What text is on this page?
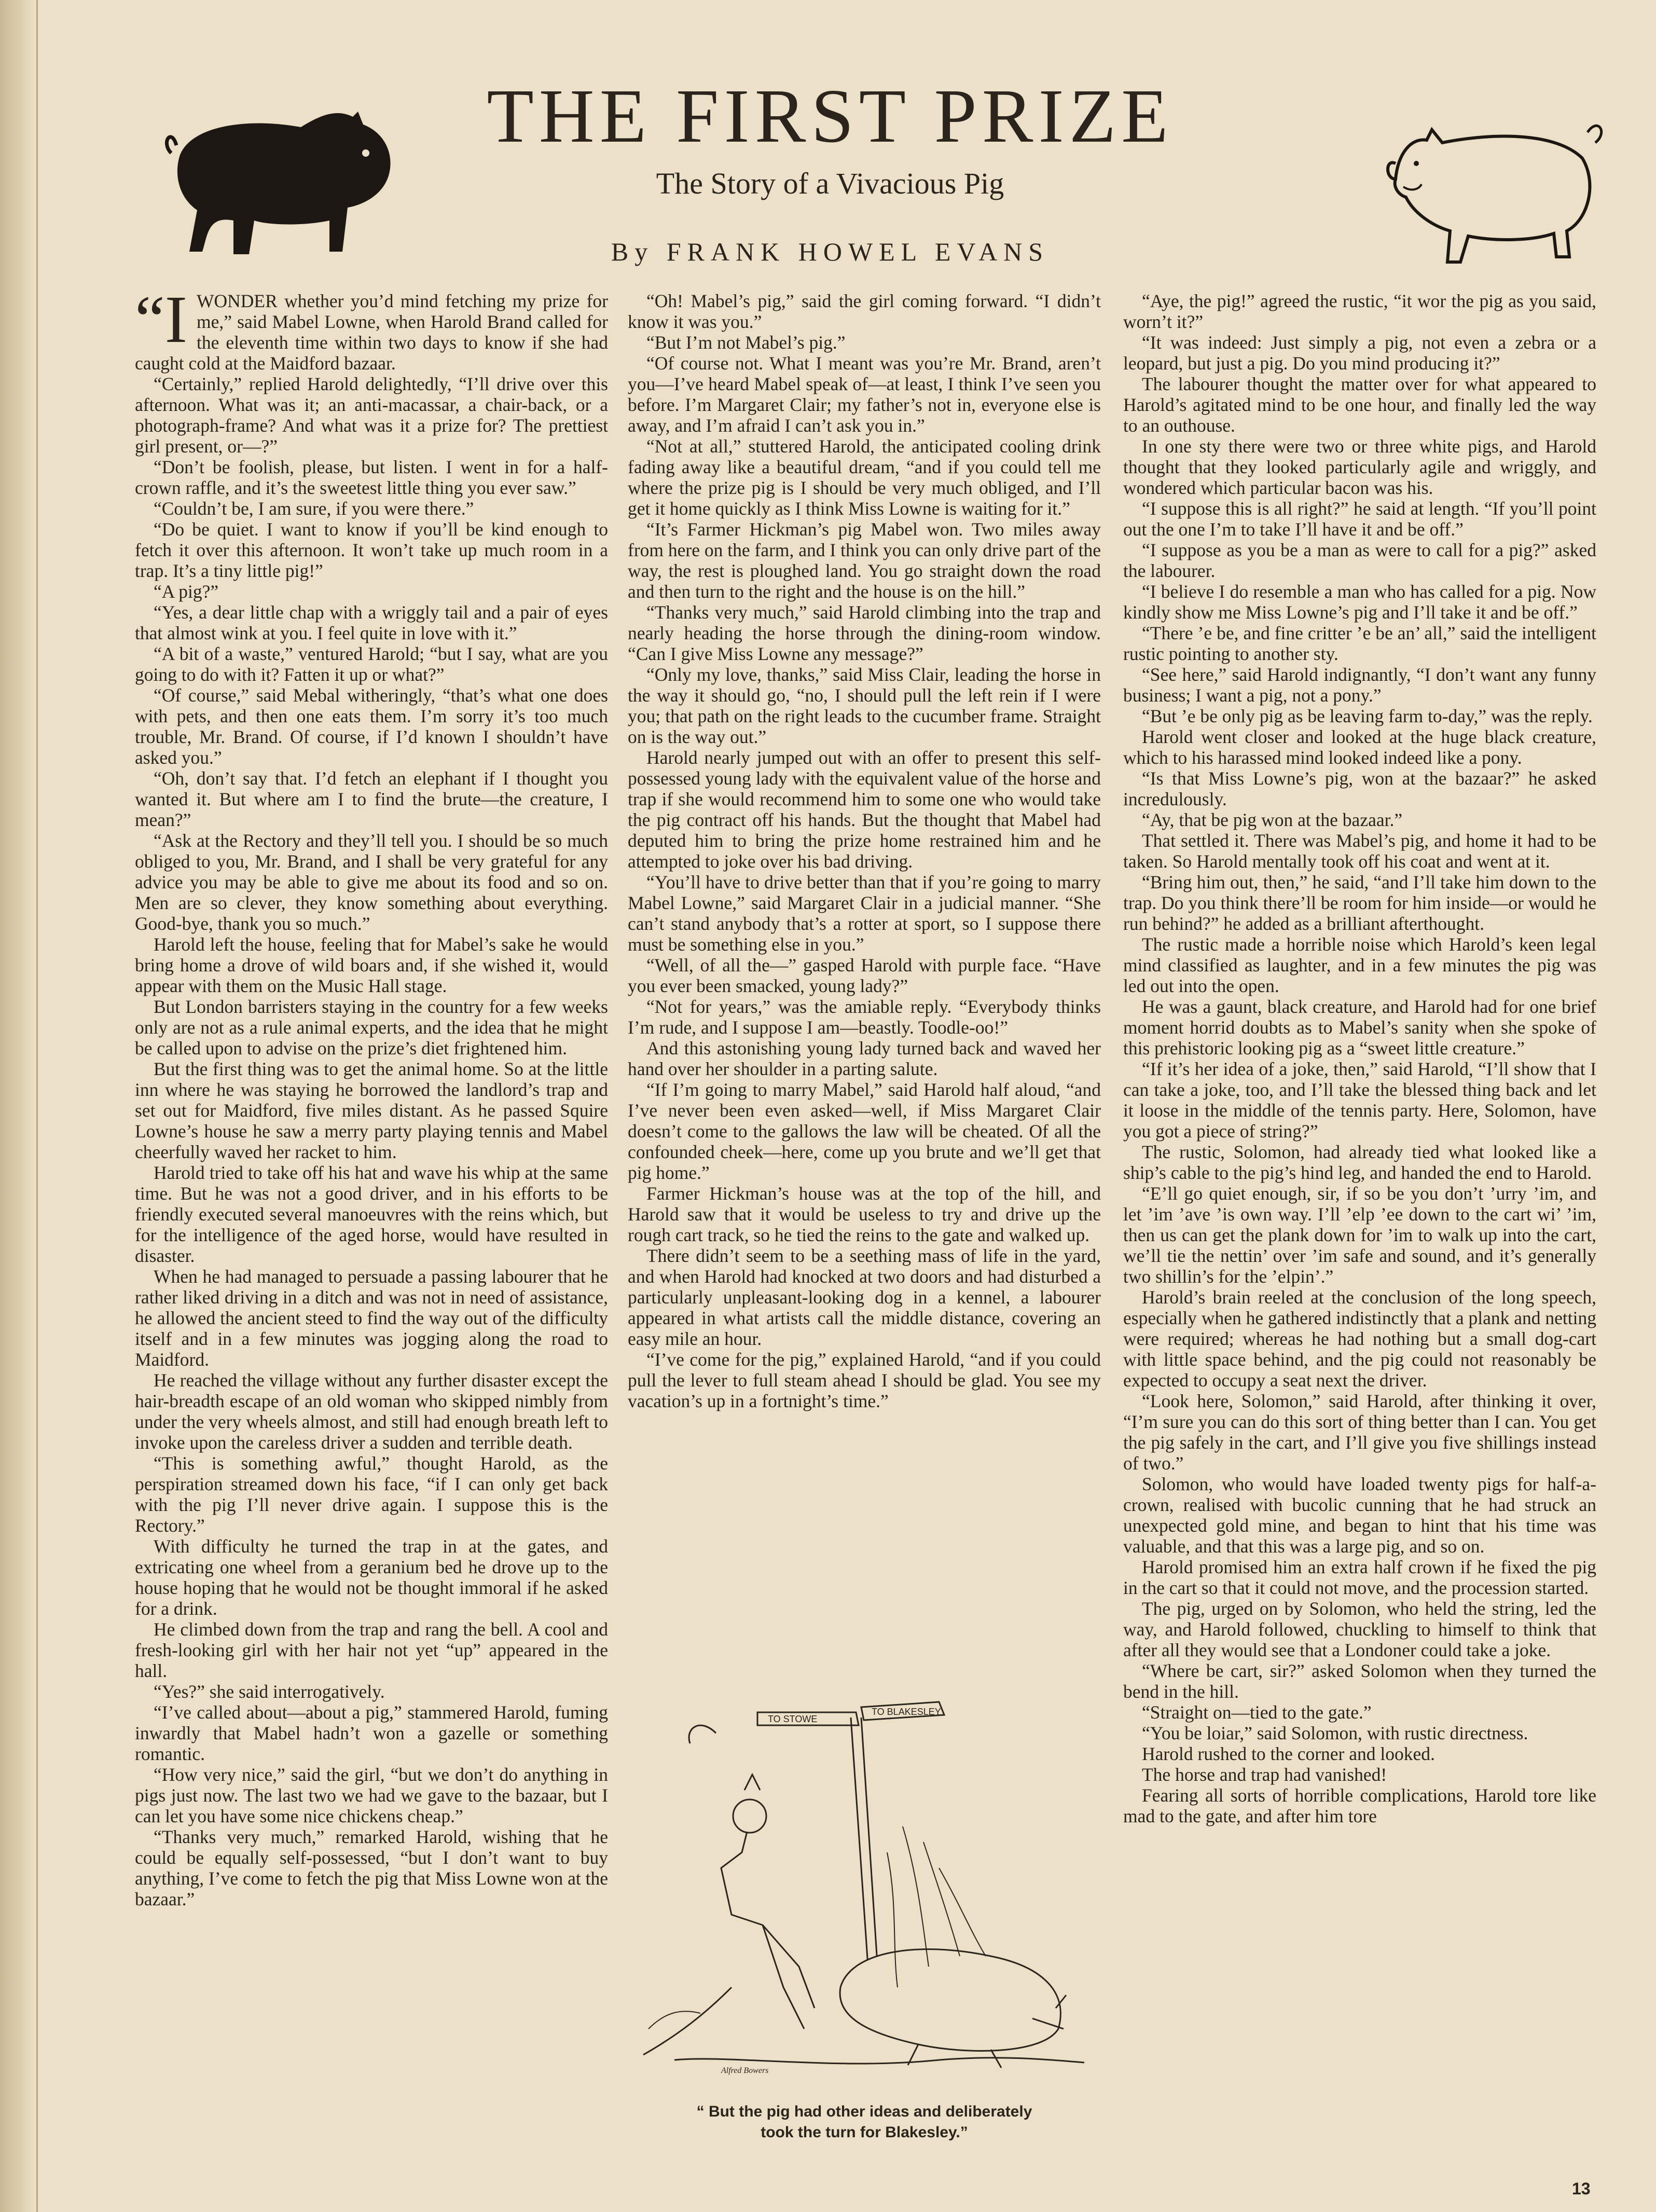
THE FIRST PRIZE
The Story of a Vivacious Pig
By FRANK HOWEL EVANS

“IWONDER whether you’d mind fetching my prize for me,” said Mabel Lowne, when Harold Brand called for the eleventh time within two days to know if she had caught cold at the Maidford bazaar.

“Certainly,” replied Harold delightedly, “I’ll drive over this afternoon. What was it; an anti-macassar, a chair-back, or a photograph-frame? And what was it a prize for? The prettiest girl present, or—?”

“Don’t be foolish, please, but listen. I went in for a half-crown raffle, and it’s the sweetest little thing you ever saw.”

“Couldn’t be, I am sure, if you were there.”

“Do be quiet. I want to know if you’ll be kind enough to fetch it over this afternoon. It won’t take up much room in a trap. It’s a tiny little pig!”

“A pig?”

“Yes, a dear little chap with a wriggly tail and a pair of eyes that almost wink at you. I feel quite in love with it.”

“A bit of a waste,” ventured Harold; “but I say, what are you going to do with it? Fatten it up or what?”

“Of course,” said Mebal witheringly, “that’s what one does with pets, and then one eats them. I’m sorry it’s too much trouble, Mr. Brand. Of course, if I’d known I shouldn’t have asked you.”

“Oh, don’t say that. I’d fetch an elephant if I thought you wanted it. But where am I to find the brute—the creature, I mean?”

“Ask at the Rectory and they’ll tell you. I should be so much obliged to you, Mr. Brand, and I shall be very grateful for any advice you may be able to give me about its food and so on. Men are so clever, they know something about everything. Good-bye, thank you so much.”

Harold left the house, feeling that for Mabel’s sake he would bring home a drove of wild boars and, if she wished it, would appear with them on the Music Hall stage.

But London barristers staying in the country for a few weeks only are not as a rule animal experts, and the idea that he might be called upon to advise on the prize’s diet frightened him.

But the first thing was to get the animal home. So at the little inn where he was staying he borrowed the landlord’s trap and set out for Maidford, five miles distant. As he passed Squire Lowne’s house he saw a merry party playing tennis and Mabel cheerfully waved her racket to him.

Harold tried to take off his hat and wave his whip at the same time. But he was not a good driver, and in his efforts to be friendly executed several manoeuvres with the reins which, but for the intelligence of the aged horse, would have resulted in disaster.

When he had managed to persuade a passing labourer that he rather liked driving in a ditch and was not in need of assistance, he allowed the ancient steed to find the way out of the difficulty itself and in a few minutes was jogging along the road to Maidford.

He reached the village without any further disaster except the hair-breadth escape of an old woman who skipped nimbly from under the very wheels almost, and still had enough breath left to invoke upon the careless driver a sudden and terrible death.

“This is something awful,” thought Harold, as the perspiration streamed down his face, “if I can only get back with the pig I’ll never drive again. I suppose this is the Rectory.”

With difficulty he turned the trap in at the gates, and extricating one wheel from a geranium bed he drove up to the house hoping that he would not be thought immoral if he asked for a drink.

He climbed down from the trap and rang the bell. A cool and fresh-looking girl with her hair not yet “up” appeared in the hall.

“Yes?” she said interrogatively.

“I’ve called about—about a pig,” stammered Harold, fuming inwardly that Mabel hadn’t won a gazelle or something romantic.

“How very nice,” said the girl, “but we don’t do anything in pigs just now. The last two we had we gave to the bazaar, but I can let you have some nice chickens cheap.”

“Thanks very much,” remarked Harold, wishing that he could be equally self-possessed, “but I don’t want to buy anything, I’ve come to fetch the pig that Miss Lowne won at the bazaar.”

“Oh! Mabel’s pig,” said the girl coming forward. “I didn’t know it was you.”

“But I’m not Mabel’s pig.”

“Of course not. What I meant was you’re Mr. Brand, aren’t you—I’ve heard Mabel speak of—at least, I think I’ve seen you before. I’m Margaret Clair; my father’s not in, everyone else is away, and I’m afraid I can’t ask you in.”

“Not at all,” stuttered Harold, the anticipated cooling drink fading away like a beautiful dream, “and if you could tell me where the prize pig is I should be very much obliged, and I’ll get it home quickly as I think Miss Lowne is waiting for it.”

“It’s Farmer Hickman’s pig Mabel won. Two miles away from here on the farm, and I think you can only drive part of the way, the rest is ploughed land. You go straight down the road and then turn to the right and the house is on the hill.”

“Thanks very much,” said Harold climbing into the trap and nearly heading the horse through the dining-room window. “Can I give Miss Lowne any message?”

“Only my love, thanks,” said Miss Clair, leading the horse in the way it should go, “no, I should pull the left rein if I were you; that path on the right leads to the cucumber frame. Straight on is the way out.”

Harold nearly jumped out with an offer to present this self-possessed young lady with the equivalent value of the horse and trap if she would recommend him to some one who would take the pig contract off his hands. But the thought that Mabel had deputed him to bring the prize home restrained him and he attempted to joke over his bad driving.

“You’ll have to drive better than that if you’re going to marry Mabel Lowne,” said Margaret Clair in a judicial manner. “She can’t stand anybody that’s a rotter at sport, so I suppose there must be something else in you.”

“Well, of all the—” gasped Harold with purple face. “Have you ever been smacked, young lady?”

“Not for years,” was the amiable reply. “Everybody thinks I’m rude, and I suppose I am—beastly. Toodle-oo!”

And this astonishing young lady turned back and waved her hand over her shoulder in a parting salute.

“If I’m going to marry Mabel,” said Harold half aloud, “and I’ve never been even asked—well, if Miss Margaret Clair doesn’t come to the gallows the law will be cheated. Of all the confounded cheek—here, come up you brute and we’ll get that pig home.”

Farmer Hickman’s house was at the top of the hill, and Harold saw that it would be useless to try and drive up the rough cart track, so he tied the reins to the gate and walked up.

There didn’t seem to be a seething mass of life in the yard, and when Harold had knocked at two doors and had disturbed a particularly unpleasant-looking dog in a kennel, a labourer appeared in what artists call the middle distance, covering an easy mile an hour.

“I’ve come for the pig,” explained Harold, “and if you could pull the lever to full steam ahead I should be glad. You see my vacation’s up in a fortnight’s time.”

“Aye, the pig!” agreed the rustic, “it wor the pig as you said, worn’t it?”

“It was indeed: Just simply a pig, not even a zebra or a leopard, but just a pig. Do you mind producing it?”

The labourer thought the matter over for what appeared to Harold’s agitated mind to be one hour, and finally led the way to an outhouse.

In one sty there were two or three white pigs, and Harold thought that they looked particularly agile and wriggly, and wondered which particular bacon was his.

“I suppose this is all right?” he said at length. “If you’ll point out the one I’m to take I’ll have it and be off.”

“I suppose as you be a man as were to call for a pig?” asked the labourer.

“I believe I do resemble a man who has called for a pig. Now kindly show me Miss Lowne’s pig and I’ll take it and be off.”

“There ’e be, and fine critter ’e be an’ all,” said the intelligent rustic pointing to another sty.

“See here,” said Harold indignantly, “I don’t want any funny business; I want a pig, not a pony.”

“But ’e be only pig as be leaving farm to-day,” was the reply.

Harold went closer and looked at the huge black creature, which to his harassed mind looked indeed like a pony.

“Is that Miss Lowne’s pig, won at the bazaar?” he asked incredulously.

“Ay, that be pig won at the bazaar.”

That settled it. There was Mabel’s pig, and home it had to be taken. So Harold mentally took off his coat and went at it.

“Bring him out, then,” he said, “and I’ll take him down to the trap. Do you think there’ll be room for him inside—or would he run behind?” he added as a brilliant afterthought.

The rustic made a horrible noise which Harold’s keen legal mind classified as laughter, and in a few minutes the pig was led out into the open.

He was a gaunt, black creature, and Harold had for one brief moment horrid doubts as to Mabel’s sanity when she spoke of this prehistoric looking pig as a “sweet little creature.”

“If it’s her idea of a joke, then,” said Harold, “I’ll show that I can take a joke, too, and I’ll take the blessed thing back and let it loose in the middle of the tennis party. Here, Solomon, have you got a piece of string?”

The rustic, Solomon, had already tied what looked like a ship’s cable to the pig’s hind leg, and handed the end to Harold.

“E’ll go quiet enough, sir, if so be you don’t ’urry ’im, and let ’im ’ave ’is own way. I’ll ’elp ’ee down to the cart wi’ ’im, then us can get the plank down for ’im to walk up into the cart, we’ll tie the nettin’ over ’im safe and sound, and it’s generally two shillin’s for the ’elpin’.”

Harold’s brain reeled at the conclusion of the long speech, especially when he gathered indistinctly that a plank and netting were required; whereas he had nothing but a small dog-cart with little space behind, and the pig could not reasonably be expected to occupy a seat next the driver.

“Look here, Solomon,” said Harold, after thinking it over, “I’m sure you can do this sort of thing better than I can. You get the pig safely in the cart, and I’ll give you five shillings instead of two.”

Solomon, who would have loaded twenty pigs for half-a-crown, realised with bucolic cunning that he had struck an unexpected gold mine, and began to hint that his time was valuable, and that this was a large pig, and so on.

Harold promised him an extra half crown if he fixed the pig in the cart so that it could not move, and the procession started.

The pig, urged on by Solomon, who held the string, led the way, and Harold followed, chuckling to himself to think that after all they would see that a Londoner could take a joke.

“Where be cart, sir?” asked Solomon when they turned the bend in the hill.

“Straight on—tied to the gate.”

“You be loiar,” said Solomon, with rustic directness.

Harold rushed to the corner and looked.

The horse and trap had vanished!

Fearing all sorts of horrible complications, Harold tore like mad to the gate, and after him tore

TO STOWE
TO BLAKESLEY
Alfred Bowers
“ But the pig had other ideas and deliberately
took the turn for Blakesley.”
13
